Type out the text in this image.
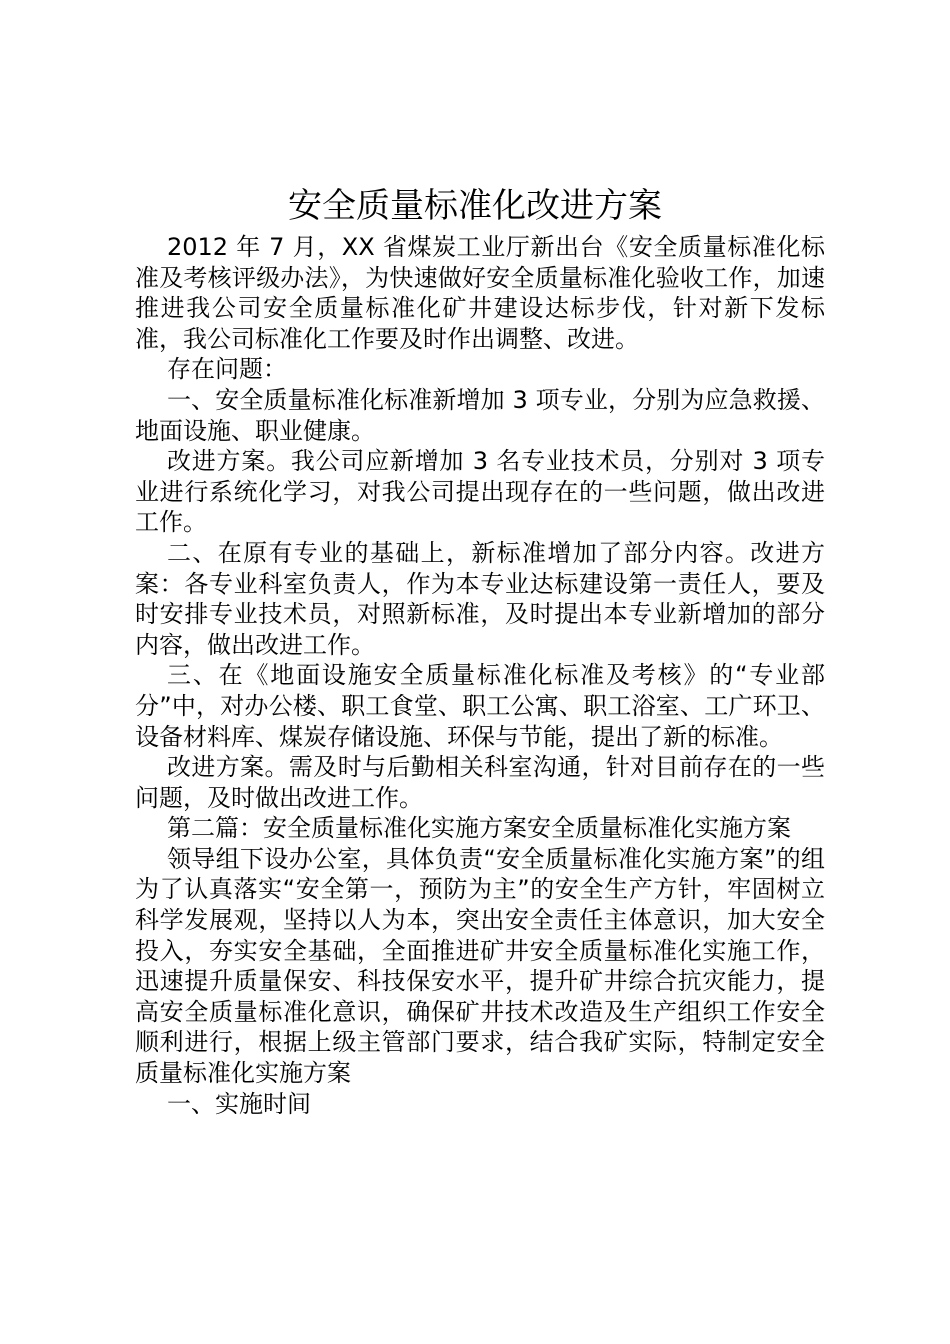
安全质量标准化改进方案

2012 年 7 月，XX 省煤炭工业厅新出台《安全质量标准化标准及考核评级办法》，为快速做好安全质量标准化验收工作，加速推进我公司安全质量标准化矿井建设达标步伐，针对新下发标准，我公司标准化工作要及时作出调整、改进。

存在问题：

一、安全质量标准化标准新增加 3 项专业，分别为应急救援、地面设施、职业健康。

改进方案。我公司应新增加 3 名专业技术员，分别对 3 项专业进行系统化学习，对我公司提出现存在的一些问题，做出改进工作。

二、在原有专业的基础上，新标准增加了部分内容。改进方案：各专业科室负责人，作为本专业达标建设第一责任人，要及时安排专业技术员，对照新标准，及时提出本专业新增加的部分内容，做出改进工作。

三、在《地面设施安全质量标准化标准及考核》的“专业部分”中，对办公楼、职工食堂、职工公寓、职工浴室、工广环卫、设备材料库、煤炭存储设施、环保与节能，提出了新的标准。

改进方案。需及时与后勤相关科室沟通，针对目前存在的一些问题，及时做出改进工作。

第二篇：安全质量标准化实施方案安全质量标准化实施方案

领导组下设办公室，具体负责“安全质量标准化实施方案”的组为了认真落实“安全第一，预防为主”的安全生产方针，牢固树立科学发展观，坚持以人为本，突出安全责任主体意识，加大安全投入，夯实安全基础，全面推进矿井安全质量标准化实施工作，迅速提升质量保安、科技保安水平，提升矿井综合抗灾能力，提高安全质量标准化意识，确保矿井技术改造及生产组织工作安全顺利进行，根据上级主管部门要求，结合我矿实际，特制定安全质量标准化实施方案

一、实施时间
